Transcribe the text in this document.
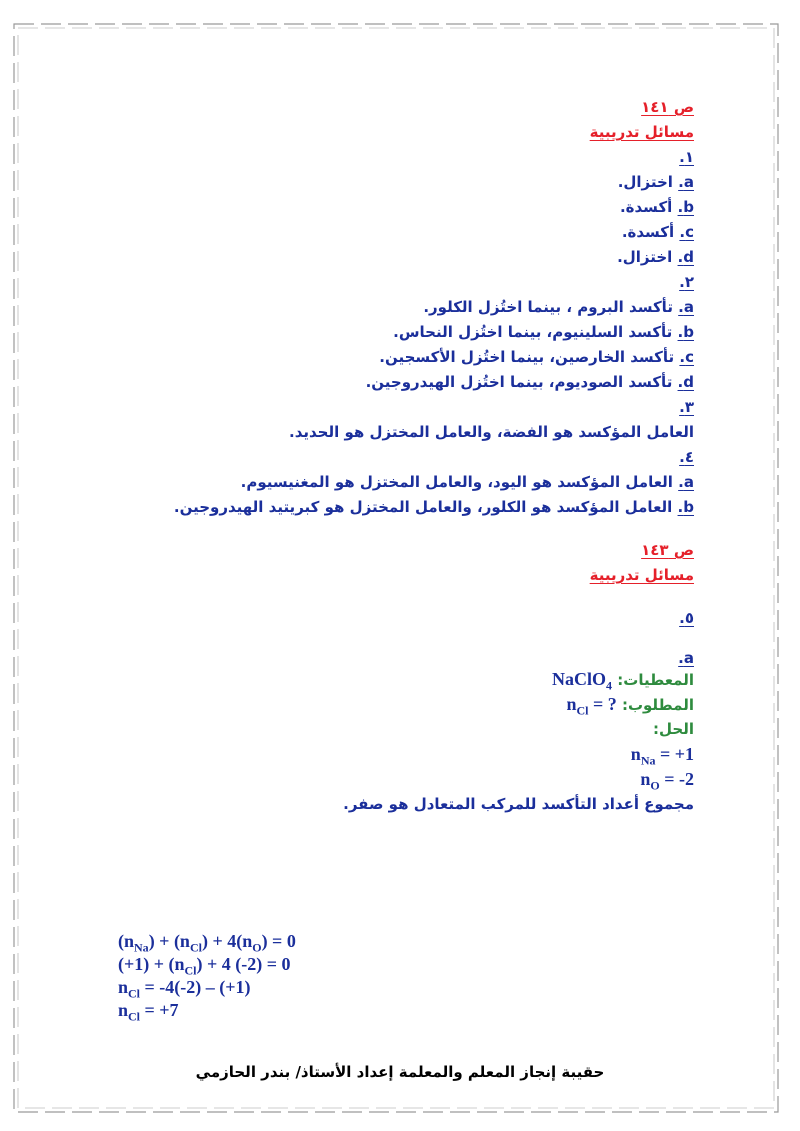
ص ١٤١
مسائل تدريبية
١.
a. اختزال.
b. أكسدة.
c. أكسدة.
d. اختزال.
٢.
a. تأكسد البروم ، بينما اختُزل الكلور.
b. تأكسد السلينيوم، بينما اختُزل النحاس.
c. تأكسد الخارصين، بينما اختُزل الأكسجين.
d. تأكسد الصوديوم، بينما اختُزل الهيدروجين.
٣.
العامل المؤكسد هو الفضة، والعامل المختزل هو الحديد.
٤.
a. العامل المؤكسد هو اليود، والعامل المختزل هو المغنيسيوم.
b. العامل المؤكسد هو الكلور، والعامل المختزل هو كبريتيد الهيدروجين.
ص ١٤٣
مسائل تدريبية
٥.
a.
المعطيات: NaClO$_4$
المطلوب: $n_{Cl}$ = ?
الحل:
$n_{Na} = +1$
$n_O = -2$
مجموع أعداد التأكسد للمركب المتعادل هو صفر.
$(n_{Na}) + (n_{Cl}) + 4(n_O) = 0$
$(+1) + (n_{Cl}) + 4$ (-2) = 0
$n_{Cl} = -4(-2) - (+1)$
$n_{Cl} = +7$
حقيبة إنجاز المعلم والمعلمة إعداد الأستاذ/ بندر الحازمي
